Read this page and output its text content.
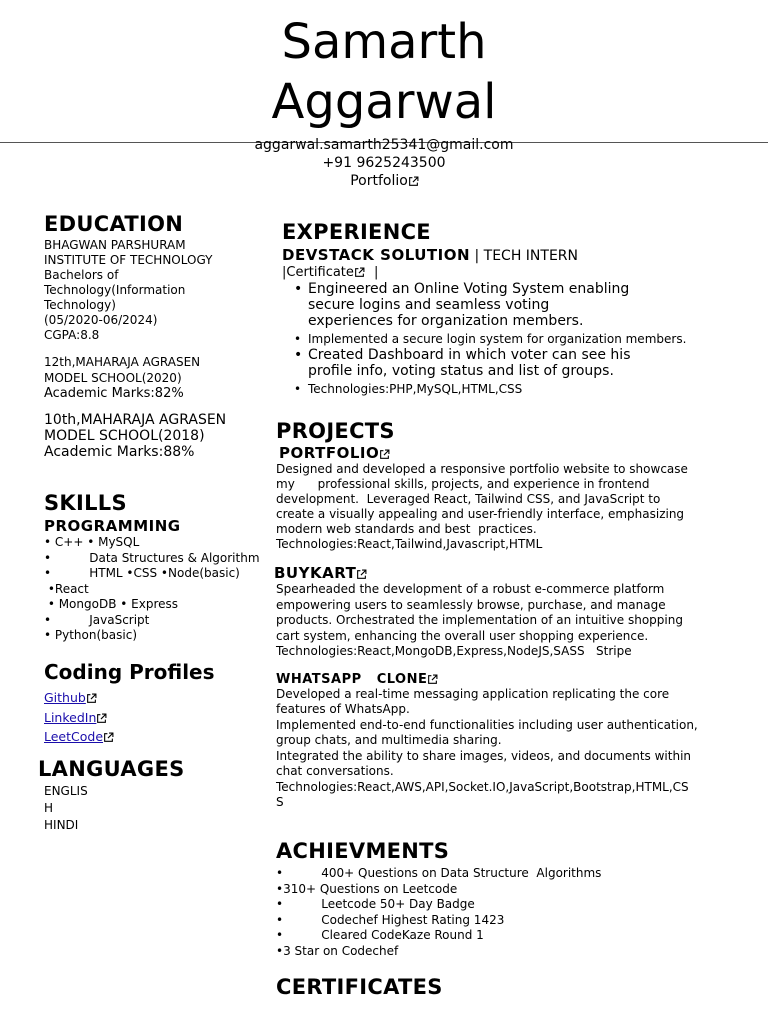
Samarth
Aggarwal
aggarwal.samarth25341@gmail.com
+91 9625243500
Portfolio
EDUCATION
BHAGWAN PARSHURAM
INSTITUTE OF TECHNOLOGY
Bachelors of
Technology(Information
Technology)
(05/2020-06/2024)
CGPA:8.8
12th,MAHARAJA AGRASEN
MODEL SCHOOL(2020)
Academic Marks:82%
10th,MAHARAJA AGRASEN
MODEL SCHOOL(2018)
Academic Marks:88%
SKILLS
PROGRAMMING
• C++ • MySQL
•          Data Structures & Algorithm
•          HTML •CSS •Node(basic)
•React
• MongoDB • Express
•          JavaScript
• Python(basic)
Coding Profiles
Github
LinkedIn
LeetCode
LANGUAGES
ENGLIS
H
HINDI
EXPERIENCE
DEVSTACK SOLUTION | TECH INTERN
|Certificate |
• Engineered an Online Voting System enabling secure logins and seamless voting experiences for organization members.
• Implemented a secure login system for organization members.
• Created Dashboard in which voter can see his profile info, voting status and list of groups.
• Technologies:PHP,MySQL,HTML,CSS
PROJECTS
PORTFOLIO
Designed and developed a responsive portfolio website to showcase
my      professional skills, projects, and experience in frontend
development.  Leveraged React, Tailwind CSS, and JavaScript to
create a visually appealing and user-friendly interface, emphasizing
modern web standards and best  practices.
Technologies:React,Tailwind,Javascript,HTML
BUYKART
Spearheaded the development of a robust e-commerce platform
empowering users to seamlessly browse, purchase, and manage
products. Orchestrated the implementation of an intuitive shopping
cart system, enhancing the overall user shopping experience.
Technologies:React,MongoDB,Express,NodeJS,SASS   Stripe
WHATSAPP   CLONE
Developed a real-time messaging application replicating the core
features of WhatsApp.
Implemented end-to-end functionalities including user authentication,
group chats, and multimedia sharing.
Integrated the ability to share images, videos, and documents within
chat conversations.
Technologies:React,AWS,API,Socket.IO,JavaScript,Bootstrap,HTML,CS
S
ACHIEVMENTS
•          400+ Questions on Data Structure  Algorithms
•310+ Questions on Leetcode
•          Leetcode 50+ Day Badge
•          Codechef Highest Rating 1423
•          Cleared CodeKaze Round 1
•3 Star on Codechef
CERTIFICATES
